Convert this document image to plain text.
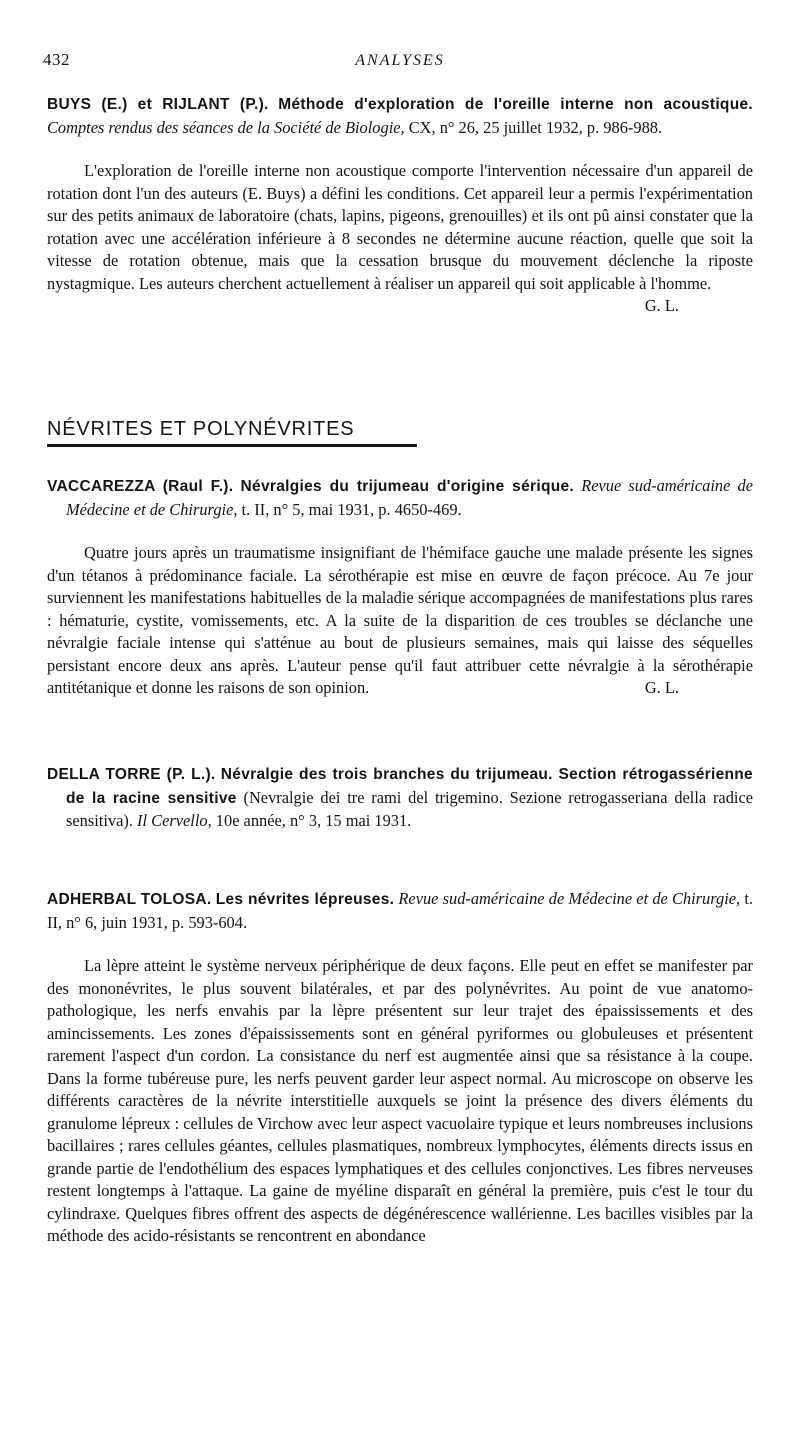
432	ANALYSES

BUYS (E.) et RIJLANT (P.). Méthode d'exploration de l'oreille interne non acoustique. Comptes rendus des séances de la Société de Biologie, CX, n° 26, 25 juillet 1932, p. 986-988.

L'exploration de l'oreille interne non acoustique comporte l'intervention nécessaire d'un appareil de rotation dont l'un des auteurs (E. Buys) a défini les conditions. Cet appareil leur a permis l'expérimentation sur des petits animaux de laboratoire (chats, lapins, pigeons, grenouilles) et ils ont pû ainsi constater que la rotation avec une accélération inférieure à 8 secondes ne détermine aucune réaction, quelle que soit la vitesse de rotation obtenue, mais que la cessation brusque du mouvement déclenche la riposte nystagmique. Les auteurs cherchent actuellement à réaliser un appareil qui soit applicable à l'homme.
G. L.

NÉVRITES ET POLYNÉVRITES

VACCAREZZA (Raul F.). Névralgies du trijumeau d'origine sérique. Revue sud-américaine de Médecine et de Chirurgie, t. II, n° 5, mai 1931, p. 4650-469.

Quatre jours après un traumatisme insignifiant de l'hémiface gauche une malade présente les signes d'un tétanos à prédominance faciale. La sérothérapie est mise en œuvre de façon précoce. Au 7e jour surviennent les manifestations habituelles de la maladie sérique accompagnées de manifestations plus rares : hématurie, cystite, vomissements, etc. A la suite de la disparition de ces troubles se déclanche une névralgie faciale intense qui s'atténue au bout de plusieurs semaines, mais qui laisse des séquelles persistant encore deux ans après. L'auteur pense qu'il faut attribuer cette névralgie à la sérothérapie antitétanique et donne les raisons de son opinion.	G. L.

DELLA TORRE (P. L.). Névralgie des trois branches du trijumeau. Section rétrogassérienne de la racine sensitive (Nevralgie dei tre rami del trigemino. Sezione retrogasseriana della radice sensitiva). Il Cervello, 10e année, n° 3, 15 mai 1931.

ADHERBAL TOLOSA. Les névrites lépreuses. Revue sud-américaine de Médecine et de Chirurgie, t. II, n° 6, juin 1931, p. 593-604.

La lèpre atteint le système nerveux périphérique de deux façons. Elle peut en effet se manifester par des mononévrites, le plus souvent bilatérales, et par des polynévrites. Au point de vue anatomo-pathologique, les nerfs envahis par la lèpre présentent sur leur trajet des épaississements et des amincissements. Les zones d'épaississements sont en général pyriformes ou globuleuses et présentent rarement l'aspect d'un cordon. La consistance du nerf est augmentée ainsi que sa résistance à la coupe. Dans la forme tubéreuse pure, les nerfs peuvent garder leur aspect normal. Au microscope on observe les différents caractères de la névrite interstitielle auxquels se joint la présence des divers éléments du granulome lépreux : cellules de Virchow avec leur aspect vacuolaire typique et leurs nombreuses inclusions bacillaires ; rares cellules géantes, cellules plasmatiques, nombreux lymphocytes, éléments directs issus en grande partie de l'endothélium des espaces lymphatiques et des cellules conjonctives. Les fibres nerveuses restent longtemps à l'attaque. La gaine de myéline disparaît en général la première, puis c'est le tour du cylindraxe. Quelques fibres offrent des aspects de dégénérescence wallérienne. Les bacilles visibles par la méthode des acido-résistants se rencontrent en abondance
